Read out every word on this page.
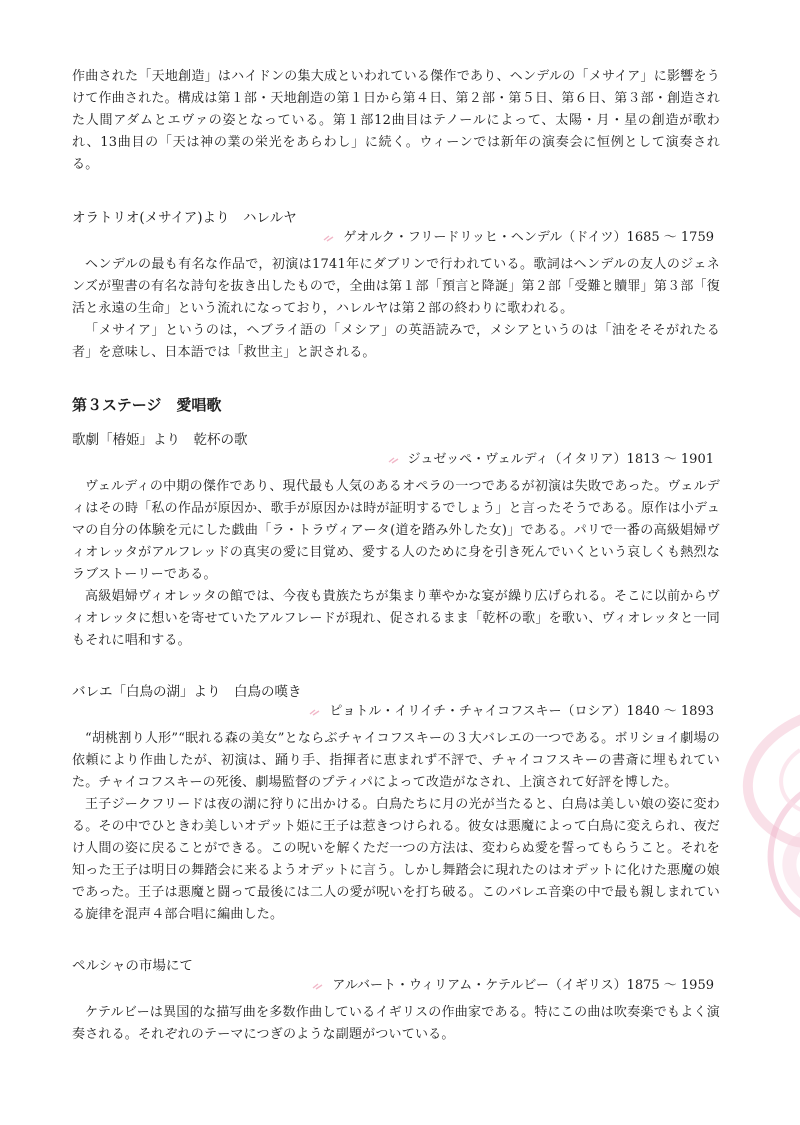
作曲された「天地創造」はハイドンの集大成といわれている傑作であり、ヘンデルの「メサイア」に影響をうけて作曲された。構成は第１部・天地創造の第１日から第４日、第２部・第５日、第６日、第３部・創造された人間アダムとエヴァの姿となっている。第１部12曲目はテノールによって、太陽・月・星の創造が歌われ、13曲目の「天は神の業の栄光をあらわし」に続く。ウィーンでは新年の演奏会に恒例として演奏される。

オラトリオ(メサイア)より　ハレルヤ

ゲオルク・フリードリッヒ・ヘンデル（ドイツ）1685 ～ 1759

ヘンデルの最も有名な作品で，初演は1741年にダブリンで行われている。歌詞はヘンデルの友人のジェネンズが聖書の有名な詩句を抜き出したもので，全曲は第１部「預言と降誕」第２部「受難と贖罪」第３部「復活と永遠の生命」という流れになっており，ハレルヤは第２部の終わりに歌われる。

「メサイア」というのは，ヘブライ語の「メシア」の英語読みで，メシアというのは「油をそそがれたる者」を意味し、日本語では「救世主」と訳される。

第３ステージ　愛唱歌

歌劇「椿姫」より　乾杯の歌

ジュゼッペ・ヴェルディ（イタリア）1813 ～ 1901

ヴェルディの中期の傑作であり、現代最も人気のあるオペラの一つであるが初演は失敗であった。ヴェルディはその時「私の作品が原因か、歌手が原因かは時が証明するでしょう」と言ったそうである。原作は小デュマの自分の体験を元にした戯曲「ラ・トラヴィアータ(道を踏み外した女)」である。パリで一番の高級娼婦ヴィオレッタがアルフレッドの真実の愛に目覚め、愛する人のために身を引き死んでいくという哀しくも熱烈なラブストーリーである。

高級娼婦ヴィオレッタの館では、今夜も貴族たちが集まり華やかな宴が繰り広げられる。そこに以前からヴィオレッタに想いを寄せていたアルフレードが現れ、促されるまま「乾杯の歌」を歌い、ヴィオレッタと一同もそれに唱和する。

バレエ「白鳥の湖」より　白鳥の嘆き

ピョトル・イリイチ・チャイコフスキー（ロシア）1840 ～ 1893

“胡桃割り人形”“眠れる森の美女”とならぶチャイコフスキーの３大バレエの一つである。ボリショイ劇場の依頼により作曲したが、初演は、踊り手、指揮者に恵まれず不評で、チャイコフスキーの書斎に埋もれていた。チャイコフスキーの死後、劇場監督のプティパによって改造がなされ、上演されて好評を博した。

王子ジークフリードは夜の湖に狩りに出かける。白鳥たちに月の光が当たると、白鳥は美しい娘の姿に変わる。その中でひときわ美しいオデット姫に王子は惹きつけられる。彼女は悪魔によって白鳥に変えられ、夜だけ人間の姿に戻ることができる。この呪いを解くただ一つの方法は、変わらぬ愛を誓ってもらうこと。それを知った王子は明日の舞踏会に来るようオデットに言う。しかし舞踏会に現れたのはオデットに化けた悪魔の娘であった。王子は悪魔と闘って最後には二人の愛が呪いを打ち破る。このバレエ音楽の中で最も親しまれている旋律を混声４部合唱に編曲した。

ペルシャの市場にて

アルバート・ウィリアム・ケテルビー（イギリス）1875 ～ 1959

ケテルビーは異国的な描写曲を多数作曲しているイギリスの作曲家である。特にこの曲は吹奏楽でもよく演奏される。それぞれのテーマにつぎのような副題がついている。
